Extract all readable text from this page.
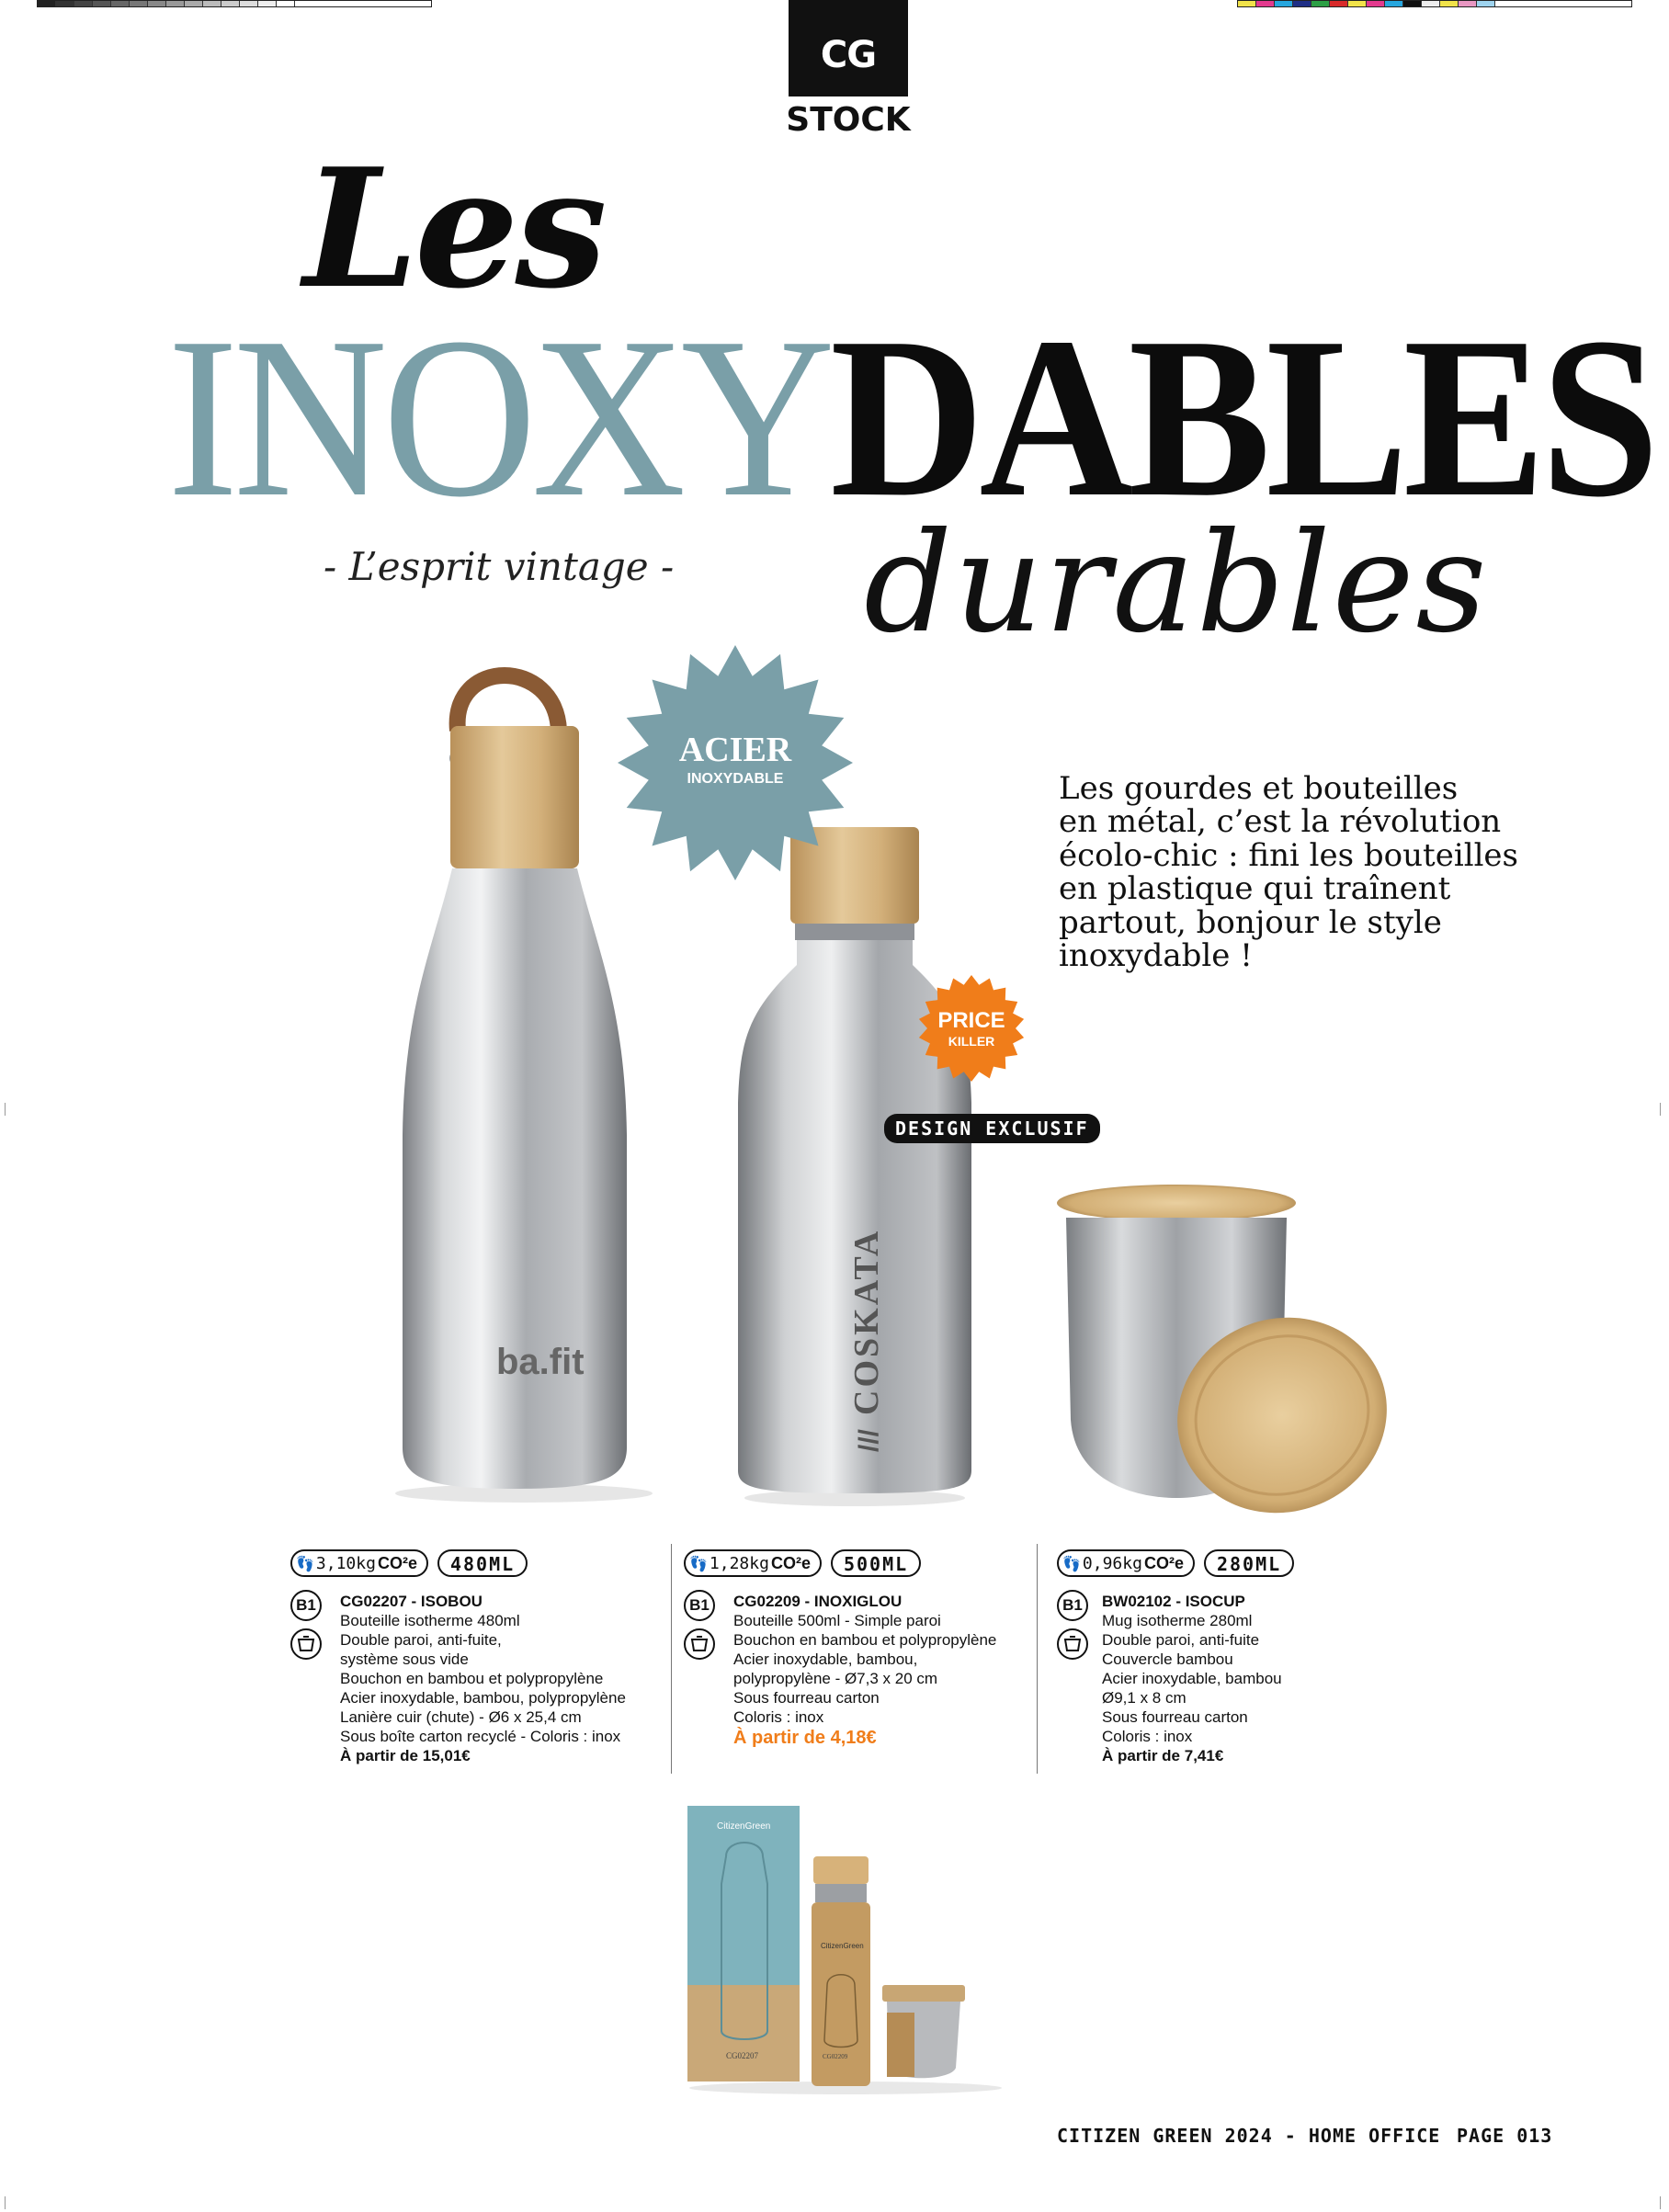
CG
STOCK
Les
INOXYDABLES
- L’esprit vintage - durables
Les gourdes et bouteilles
en métal, c’est la révolution
écolo-chic : fini les bouteilles
en plastique qui traînent
partout, bonjour le style
inoxydable !
ba.fit	COSKATA
///
ACIER
INOXYDABLE
PRICE
KILLER
DESIGN EXCLUSIF
👣 3,10kg CO²e	480ML
B1	CG02207 - ISOBOU

Bouteille isotherme 480ml

Double paroi, anti-fuite,

système sous vide

Bouchon en bambou et polypropylène

Acier inoxydable, bambou, polypropylène

Lanière cuir (chute) - Ø6 x 25,4 cm

Sous boîte carton recyclé - Coloris : inox

À partir de 15,01€

👣 1,28kg CO²e	500ML
B1	CG02209 - INOXIGLOU

Bouteille 500ml - Simple paroi

Bouchon en bambou et polypropylène

Acier inoxydable, bambou,

polypropylène - Ø7,3 x 20 cm

Sous fourreau carton

Coloris : inox

À partir de 4,18€

👣 0,96kg CO²e	280ML
B1	BW02102 - ISOCUP

Mug isotherme 280ml

Double paroi, anti-fuite

Couvercle bambou

Acier inoxydable, bambou

Ø9,1 x 8 cm

Sous fourreau carton

Coloris : inox

À partir de 7,41€

CitizenGreen
CG02207
CitizenGreen
CG02209
CITIZEN GREEN 2024 - HOME OFFICE PAGE 013
